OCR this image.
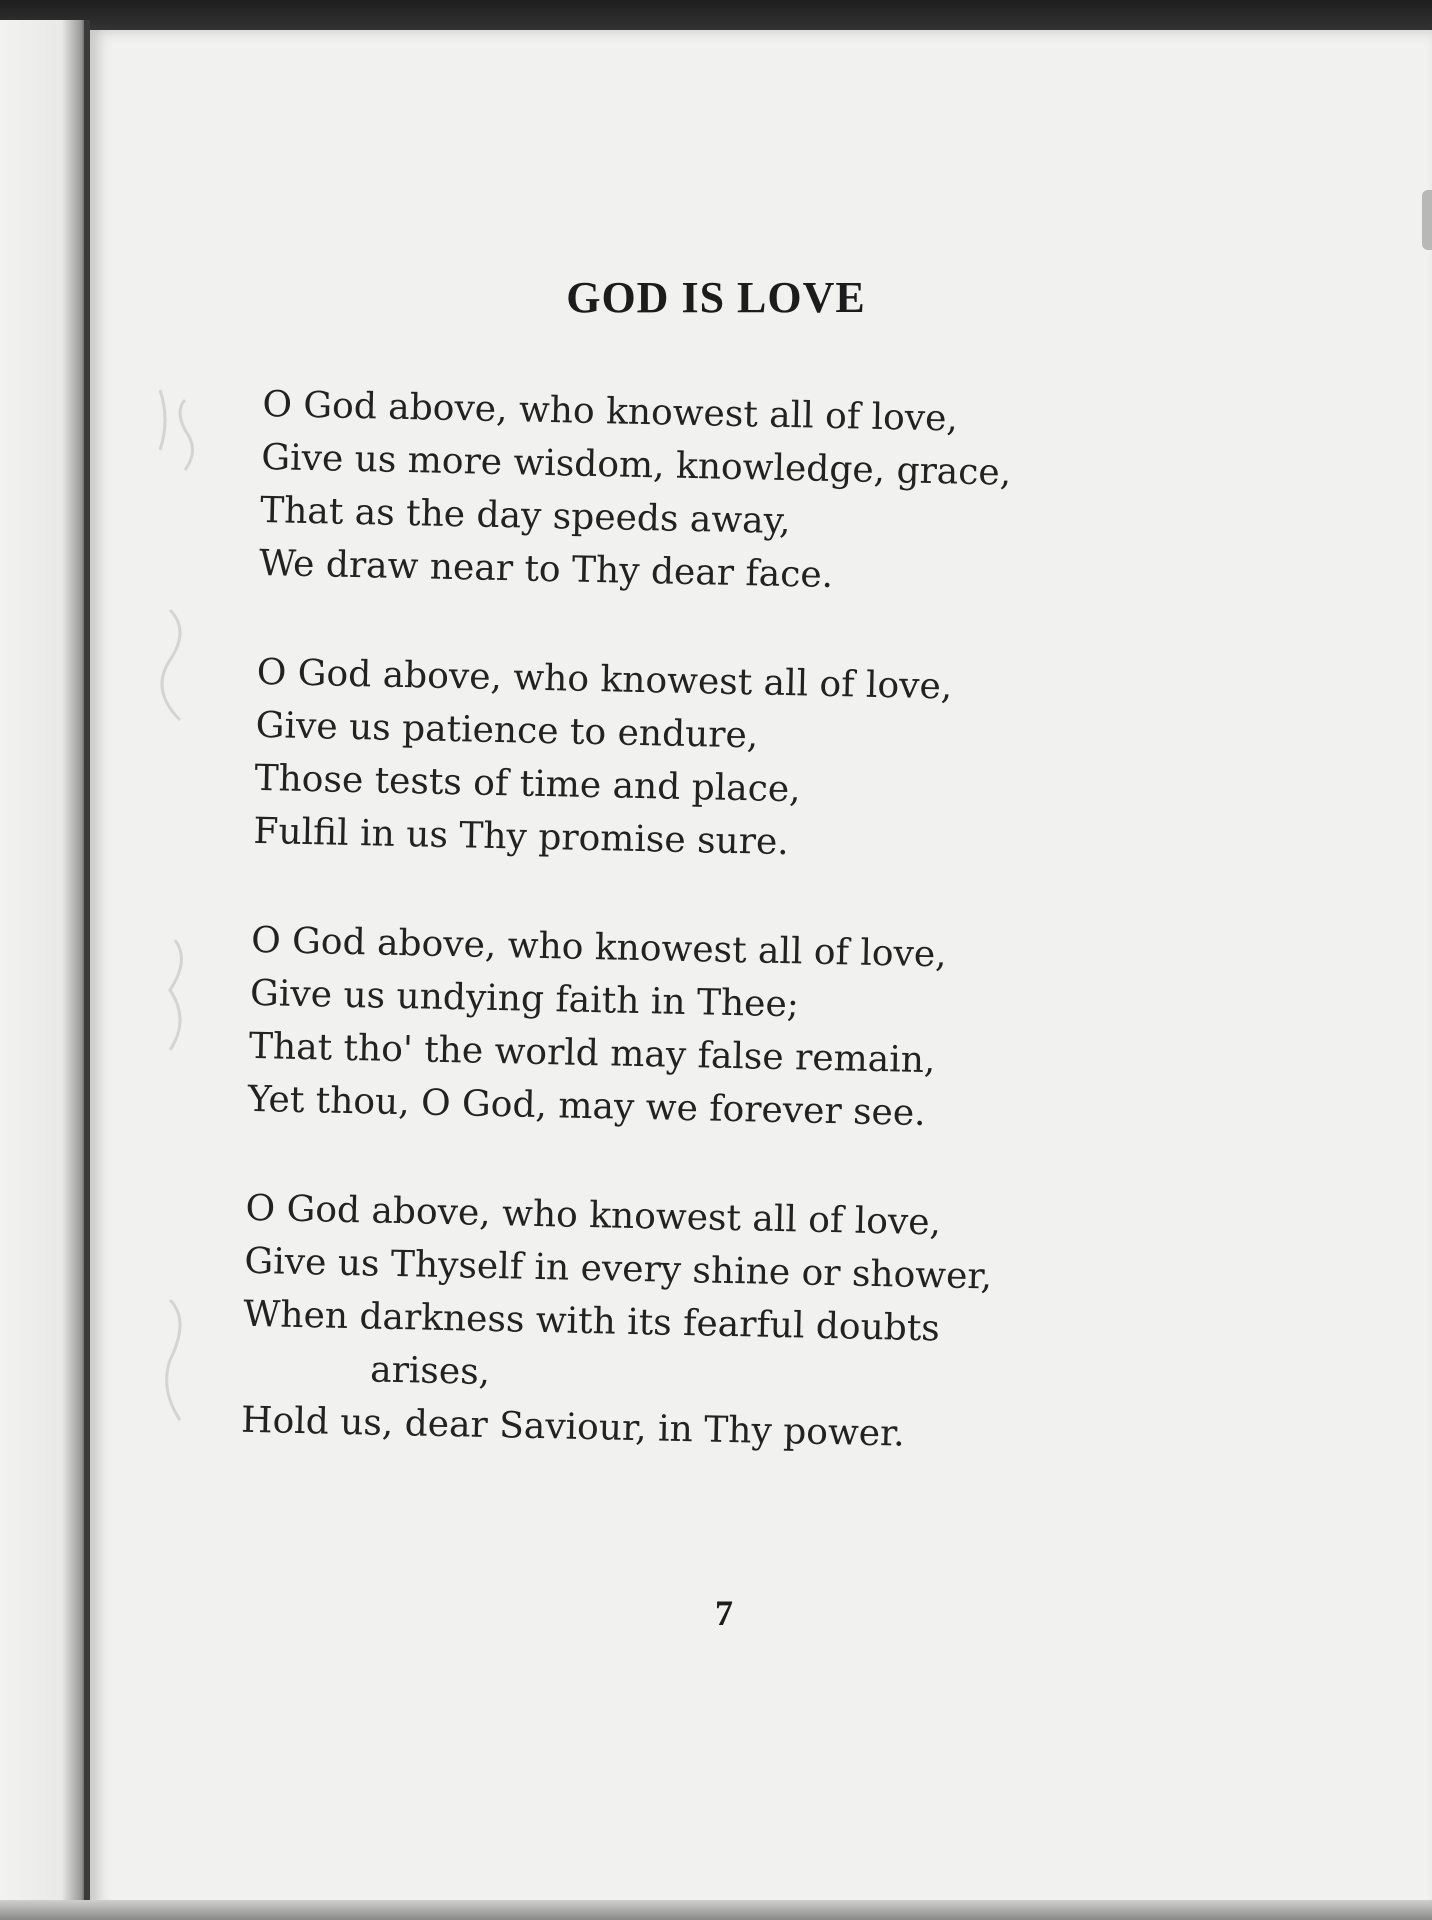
GOD IS LOVE
O God above, who knowest all of love,
Give us more wisdom, knowledge, grace,
That as the day speeds away,
We draw near to Thy dear face.
O God above, who knowest all of love,
Give us patience to endure,
Those tests of time and place,
Fulfil in us Thy promise sure.
O God above, who knowest all of love,
Give us undying faith in Thee;
That tho' the world may false remain,
Yet thou, O God, may we forever see.
O God above, who knowest all of love,
Give us Thyself in every shine or shower,
When darkness with its fearful doubts
arises,
Hold us, dear Saviour, in Thy power.
7
